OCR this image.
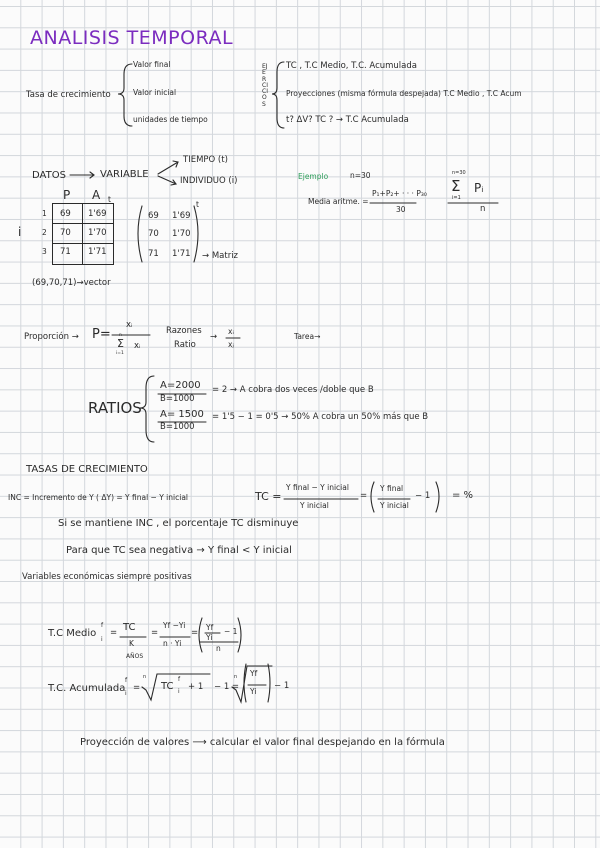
ANALISIS TEMPORAL
Tasa de crecimiento
Valor final
Valor inicial
unidades de tiempo
EJERCICIOS
TC , T.C Medio, T.C. Acumulada
Proyecciones (misma fórmula despejada) T.C Medio , T.C Acum
t? ΔV? TC ? → T.C Acumulada
DATOS	VARIABLE
TIEMPO (t)
INDIVIDUO (i)
P A t
1
2
3
i
69 1'69
70 1'70
71 1'71
69 1'69
70 1'70
71 1'71
t
→ Matriz
(69,70,71)→vector
Ejemplo	n=30
Media aritme. =
P₁+P₂+ · · · P₃₀
30
n=30
Σ
i=1
Pᵢ
n
Proporción → P=
xᵢ
n
Σ
i=1
xᵢ
Razones
Ratio
→
xᵢ
xⱼ
Tarea→
RATIOS
A=2000
B=1000
= 2 → A cobra dos veces /doble que B
A= 1500
B=1000
= 1'5 − 1 = 0'5 → 50% A cobra un 50% más que B
TASAS DE CRECIMIENTO
INC = Incremento de Y ( ΔY) = Y final − Y inicial	TC =
Y final − Y inicial
Y inicial
=
Y final
Y inicial
− 1 = %
Si se mantiene INC , el porcentaje TC disminuye
Para que TC sea negativa → Y final < Y inicial
Variables económicas siempre positivas
T.C Medio
f
i
= TC
K
AÑOS
=
Yf −Yi
n · Yi
=
Yf
Yi
− 1
n
T.C. Acumulada
f
i
=
n
TC
f
i + 1 − 1 =
n Yf
Yi
− 1
Proyección de valores ⟶ calcular el valor final despejando en la fórmula
